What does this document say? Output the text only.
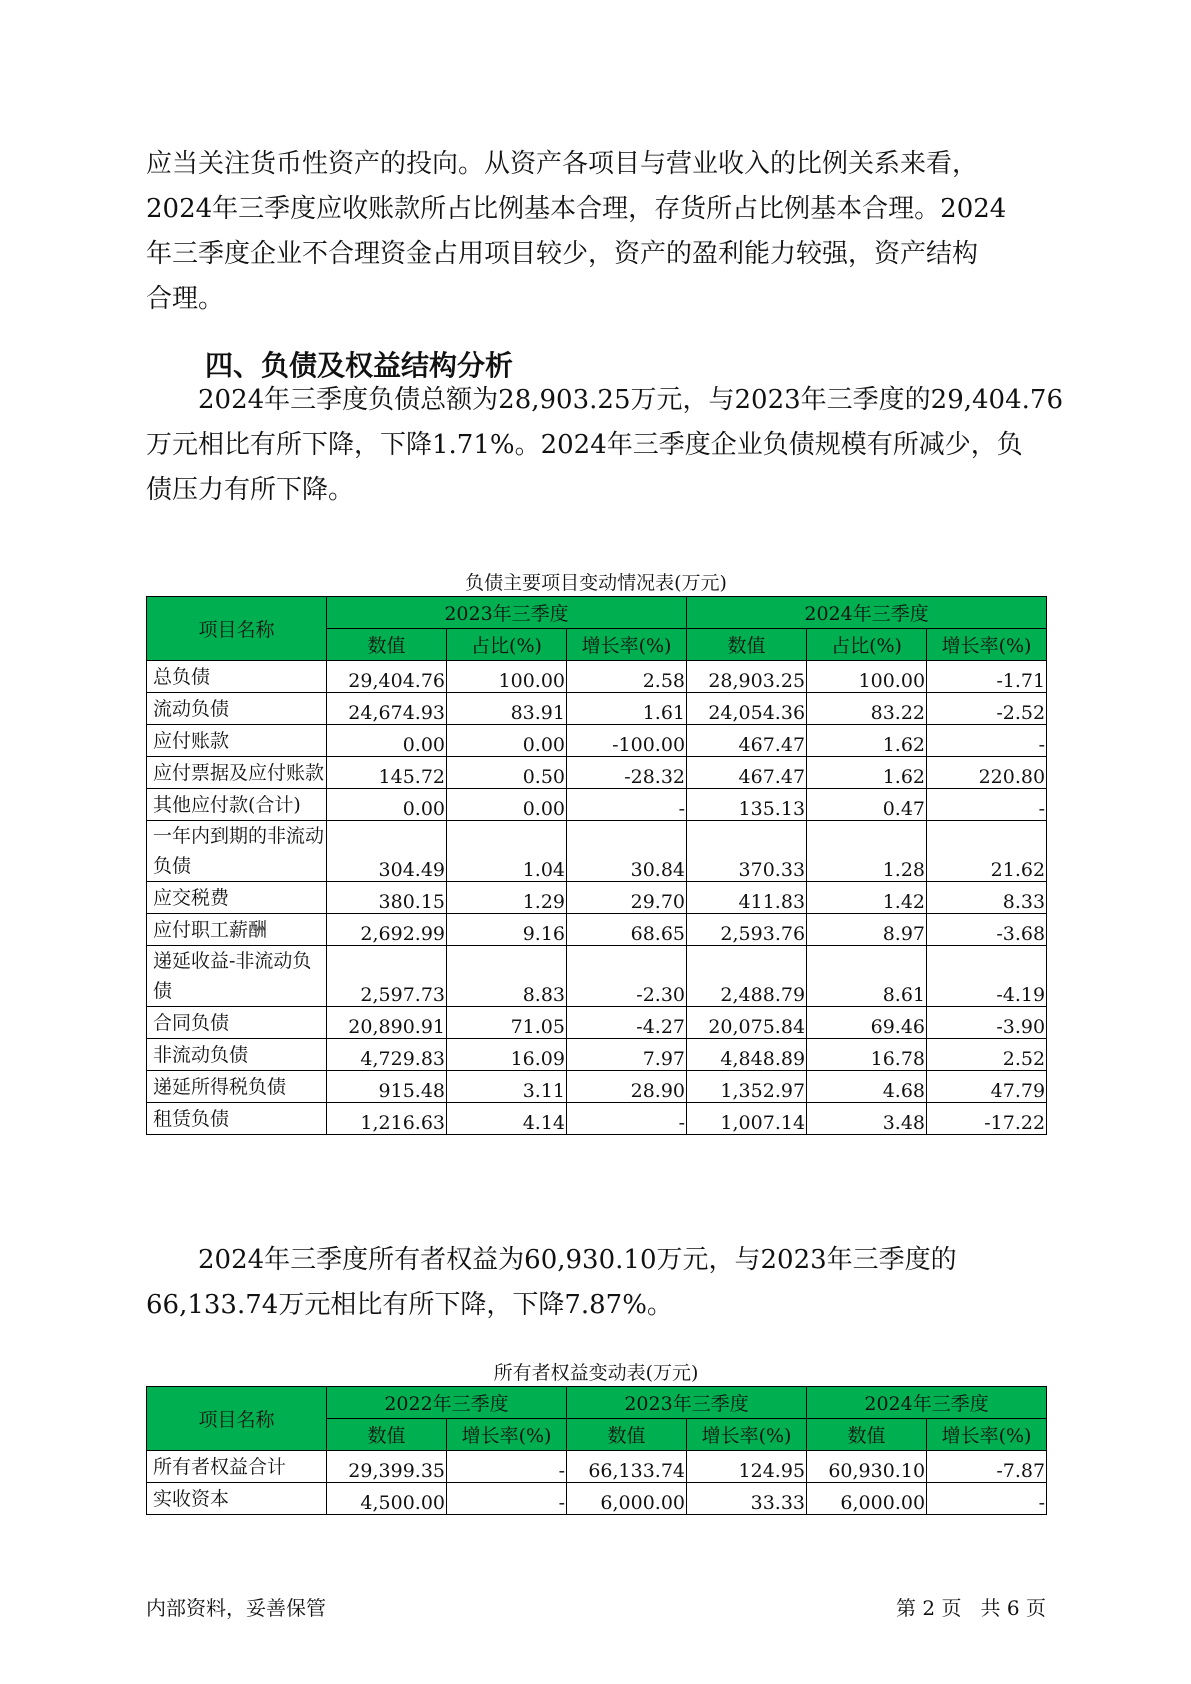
应当关注货币性资产的投向。从资产各项目与营业收入的比例关系来看，
2024年三季度应收账款所占比例基本合理，存货所占比例基本合理。2024
年三季度企业不合理资金占用项目较少，资产的盈利能力较强，资产结构
合理。
四、负债及权益结构分析
2024年三季度负债总额为28,903.25万元，与2023年三季度的29,404.76
万元相比有所下降，下降1.71%。2024年三季度企业负债规模有所减少，负
债压力有所下降。
负债主要项目变动情况表(万元)
项目名称	2023年三季度			2024年三季度		
	数值	占比(%)	增长率(%)	数值	占比(%)	增长率(%)
总负债	29,404.76	100.00	2.58	28,903.25	100.00	-1.71
流动负债	24,674.93	83.91	1.61	24,054.36	83.22	-2.52
应付账款	0.00	0.00	-100.00	467.47	1.62	-
应付票据及应付账款	145.72	0.50	-28.32	467.47	1.62	220.80
其他应付款(合计)	0.00	0.00	-	135.13	0.47	-
一年内到期的非流动负债	304.49	1.04	30.84	370.33	1.28	21.62
应交税费	380.15	1.29	29.70	411.83	1.42	8.33
应付职工薪酬	2,692.99	9.16	68.65	2,593.76	8.97	-3.68
递延收益-非流动负债	2,597.73	8.83	-2.30	2,488.79	8.61	-4.19
合同负债	20,890.91	71.05	-4.27	20,075.84	69.46	-3.90
非流动负债	4,729.83	16.09	7.97	4,848.89	16.78	2.52
递延所得税负债	915.48	3.11	28.90	1,352.97	4.68	47.79
租赁负债	1,216.63	4.14	-	1,007.14	3.48	-17.22
2024年三季度所有者权益为60,930.10万元，与2023年三季度的
66,133.74万元相比有所下降，下降7.87%。
所有者权益变动表(万元)
项目名称	2022年三季度		2023年三季度		2024年三季度	
	数值	增长率(%)	数值	增长率(%)	数值	增长率(%)
所有者权益合计	29,399.35	-	66,133.74	124.95	60,930.10	-7.87
实收资本	4,500.00	-	6,000.00	33.33	6,000.00	-
内部资料，妥善保管	第 2 页   共 6 页
